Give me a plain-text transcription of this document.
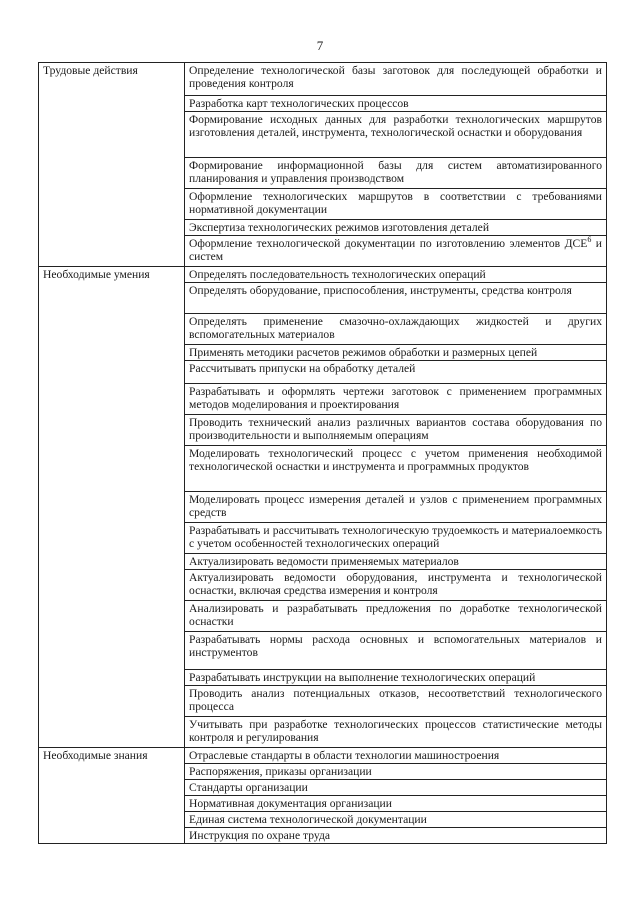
7
Трудовые действия	Определение технологической базы заготовок для последующей обработки и проведения контроля
	Разработка карт технологических процессов
	Формирование исходных данных для разработки технологических маршрутов изготовления деталей, инструмента, технологической оснастки и оборудования
	Формирование информационной базы для систем автоматизированного планирования и управления производством
	Оформление технологических маршрутов в соответствии с требованиями нормативной документации
	Экспертиза технологических режимов изготовления деталей
	Оформление технологической документации по изготовлению элементов ДСЕ$^6$ и систем
Необходимые умения	Определять последовательность технологических операций
	Определять оборудование, приспособления, инструменты, средства контроля
	Определять применение смазочно-охлаждающих жидкостей и других вспомогательных материалов
	Применять методики расчетов режимов обработки и размерных цепей
	Рассчитывать припуски на обработку деталей
	Разрабатывать и оформлять чертежи заготовок с применением программных методов моделирования и проектирования
	Проводить технический анализ различных вариантов состава оборудования по производительности и выполняемым операциям
	Моделировать технологический процесс с учетом применения необходимой технологической оснастки и инструмента и программных продуктов
	Моделировать процесс измерения деталей и узлов с применением программных средств
	Разрабатывать и рассчитывать технологическую трудоемкость и материалоемкость с учетом особенностей технологических операций
	Актуализировать ведомости применяемых материалов
	Актуализировать ведомости оборудования, инструмента и технологической оснастки, включая средства измерения и контроля
	Анализировать и разрабатывать предложения по доработке технологической оснастки
	Разрабатывать нормы расхода основных и вспомогательных материалов и инструментов
	Разрабатывать инструкции на выполнение технологических операций
	Проводить анализ потенциальных отказов, несоответствий технологического процесса
	Учитывать при разработке технологических процессов статистические методы контроля и регулирования
Необходимые знания	Отраслевые стандарты в области технологии машиностроения
	Распоряжения, приказы организации
	Стандарты организации
	Нормативная документация организации
	Единая система технологической документации
	Инструкция по охране труда
